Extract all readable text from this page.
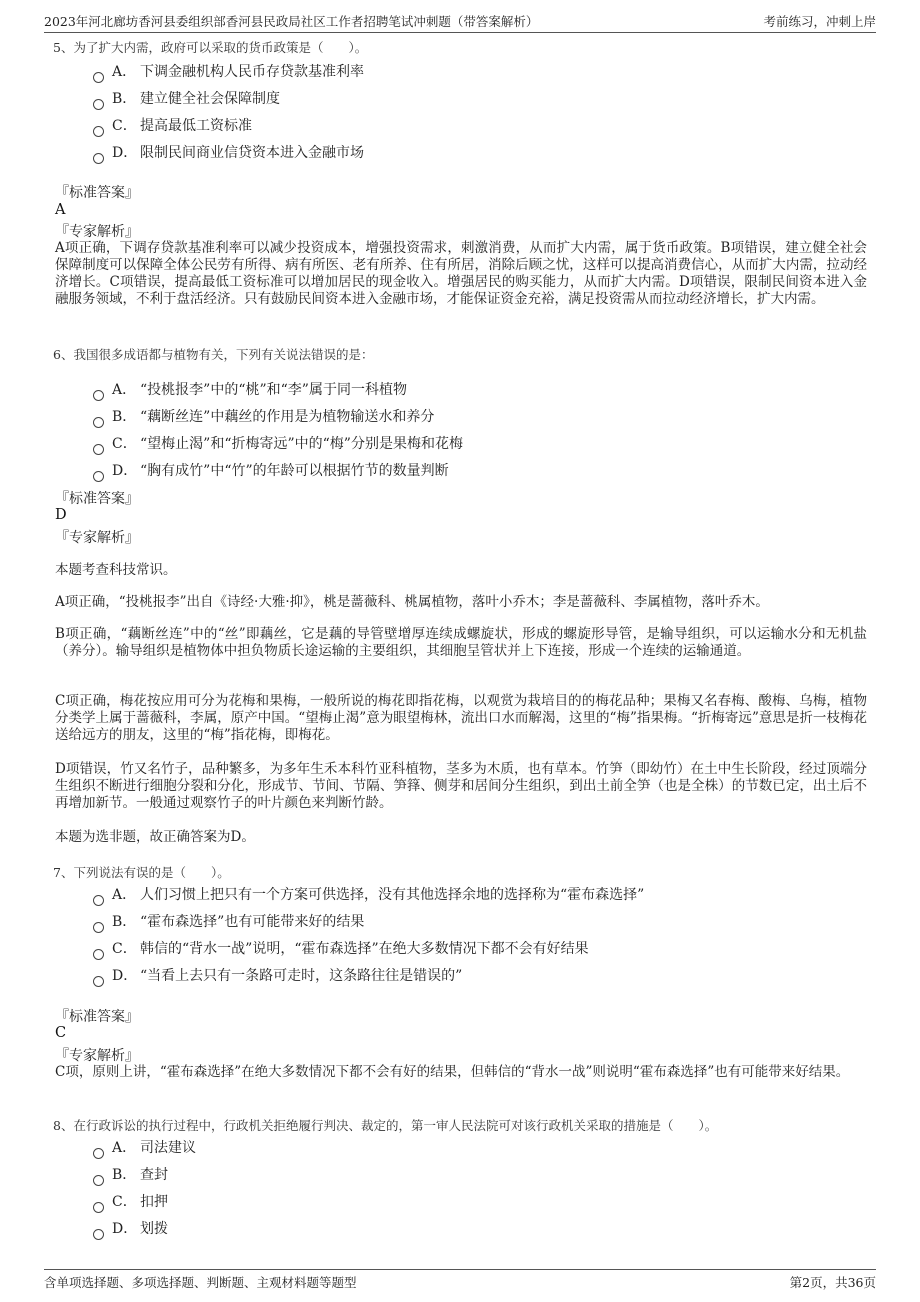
2023年河北廊坊香河县委组织部香河县民政局社区工作者招聘笔试冲刺题（带答案解析）	考前练习，冲刺上岸
5、为了扩大内需，政府可以采取的货币政策是（　　）。
A． 下调金融机构人民币存贷款基准利率
B． 建立健全社会保障制度
C． 提高最低工资标准
D． 限制民间商业信贷资本进入金融市场
『标准答案』
A
『专家解析』

A项正确，下调存贷款基准利率可以减少投资成本，增强投资需求，刺激消费，从而扩大内需，属于货币政策。B项错误，建立健全社会保障制度可以保障全体公民劳有所得、病有所医、老有所养、住有所居，消除后顾之忧，这样可以提高消费信心，从而扩大内需，拉动经济增长。C项错误，提高最低工资标准可以增加居民的现金收入。增强居民的购买能力，从而扩大内需。D项错误，限制民间资本进入金融服务领域，不利于盘活经济。只有鼓励民间资本进入金融市场，才能保证资金充裕，满足投资需从而拉动经济增长，扩大内需。

6、我国很多成语都与植物有关，下列有关说法错误的是：
A． “投桃报李”中的“桃”和“李”属于同一科植物
B． “藕断丝连”中藕丝的作用是为植物输送水和养分
C． “望梅止渴”和“折梅寄远”中的“梅”分别是果梅和花梅
D． “胸有成竹”中“竹”的年龄可以根据竹节的数量判断
『标准答案』
D
『专家解析』

本题考查科技常识。

A项正确，“投桃报李”出自《诗经·大雅·抑》，桃是蔷薇科、桃属植物，落叶小乔木；李是蔷薇科、李属植物，落叶乔木。

B项正确，“藕断丝连”中的“丝”即藕丝，它是藕的导管壁增厚连续成螺旋状，形成的螺旋形导管，是输导组织，可以运输水分和无机盐（养分）。输导组织是植物体中担负物质长途运输的主要组织，其细胞呈管状并上下连接，形成一个连续的运输通道。

C项正确，梅花按应用可分为花梅和果梅，一般所说的梅花即指花梅，以观赏为栽培目的的梅花品种；果梅又名春梅、酸梅、乌梅，植物分类学上属于蔷薇科，李属，原产中国。“望梅止渴”意为眼望梅林，流出口水而解渴，这里的“梅”指果梅。“折梅寄远”意思是折一枝梅花送给远方的朋友，这里的“梅”指花梅，即梅花。

D项错误，竹又名竹子，品种繁多，为多年生禾本科竹亚科植物，茎多为木质，也有草本。竹笋（即幼竹）在土中生长阶段，经过顶端分生组织不断进行细胞分裂和分化，形成节、节间、节隔、笋箨、侧芽和居间分生组织，到出土前全笋（也是全株）的节数已定，出土后不再增加新节。一般通过观察竹子的叶片颜色来判断竹龄。

本题为选非题，故正确答案为D。

7、下列说法有误的是（　　）。
A． 人们习惯上把只有一个方案可供选择，没有其他选择余地的选择称为“霍布森选择”
B． “霍布森选择”也有可能带来好的结果
C． 韩信的“背水一战”说明，“霍布森选择”在绝大多数情况下都不会有好结果
D． “当看上去只有一条路可走时，这条路往往是错误的”
『标准答案』
C
『专家解析』

C项，原则上讲，“霍布森选择”在绝大多数情况下都不会有好的结果，但韩信的“背水一战”则说明“霍布森选择”也有可能带来好结果。

8、在行政诉讼的执行过程中，行政机关拒绝履行判决、裁定的，第一审人民法院可对该行政机关采取的措施是（　　）。
A． 司法建议
B． 查封
C． 扣押
D． 划拨
含单项选择题、多项选择题、判断题、主观材料题等题型	第2页，共36页
